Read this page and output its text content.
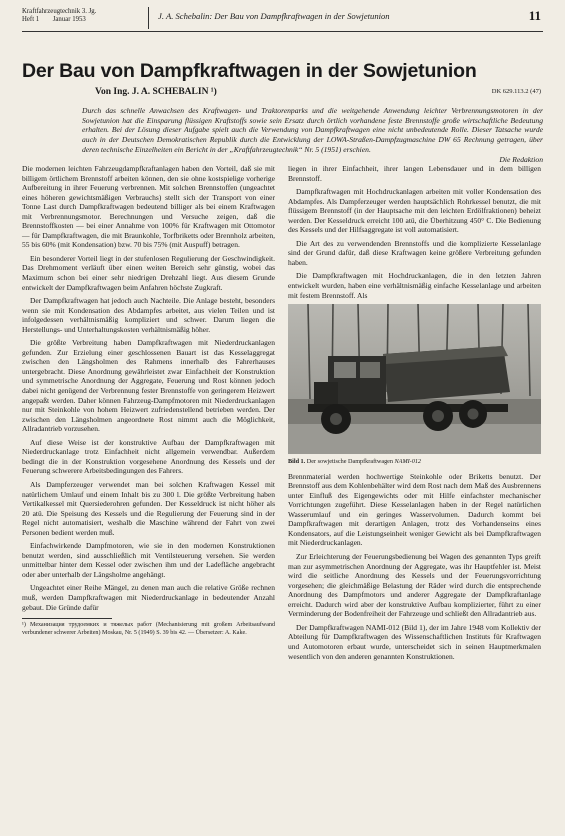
Kraftfahrzeugtechnik 3. Jg.
Heft 1        Januar 1953	J. A. Schebalin: Der Bau von Dampfkraftwagen in der Sowjetunion	11
Der Bau von Dampfkraftwagen in der Sowjetunion
Von Ing. J. A. SCHEBALIN ¹)	DK 629.113.2 (47)
Durch das schnelle Anwachsen des Kraftwagen- und Traktorenparks und die weitgehende Anwendung leichter Verbrennungsmotoren in der Sowjetunion hat die Einsparung flüssigen Kraftstoffs sowie sein Ersatz durch örtlich vorhandene feste Brennstoffe große wirtschaftliche Bedeutung erhalten. Bei der Lösung dieser Aufgabe spielt auch die Verwendung von Dampfkraftwagen eine nicht unbedeutende Rolle. Dieser Tatsache wurde auch in der Deutschen Demokratischen Republik durch die Entwicklung der LOWA-Straßen-Dampfzugmaschine DW 65 Rechnung getragen, über deren technische Einzelheiten ein Bericht in der „Kraftfahrzeugtechnik“ Nr. 5 (1951) erschien.
Die Redaktion

Die modernen leichten Fahrzeugdampfkraftanlagen haben den Vorteil, daß sie mit billigem örtlichem Brennstoff arbeiten können, den sie ohne kostspielige vorherige Aufbereitung in ihrer Feuerung verbrennen. Mit solchen Brennstoffen (ungeachtet eines höheren gewichtsmäßigen Verbrauchs) stellt sich der Transport von einer Tonne Last durch Dampfkraftwagen bedeutend billiger als bei einem Kraftwagen mit Verbrennungsmotor. Berechnungen und Versuche zeigen, daß die Brennstoffkosten — bei einer Annahme von 100% für Kraftwagen mit Ottomotor — für Dampfkraftwagen, die mit Braunkohle, Torfbriketts oder Brennholz arbeiten, 55 bis 60% (mit Kondensation) bzw. 70 bis 75% (mit Auspuff) betragen.

Ein besonderer Vorteil liegt in der stufenlosen Regulierung der Geschwindigkeit. Das Drehmoment verläuft über einen weiten Bereich sehr günstig, wobei das Maximum schon bei einer sehr niedrigen Drehzahl liegt. Aus diesem Grunde entwickelt der Dampfkraftwagen beim Anfahren höchste Zugkraft.

Der Dampfkraftwagen hat jedoch auch Nachteile. Die Anlage besteht, besonders wenn sie mit Kondensation des Abdampfes arbeitet, aus vielen Teilen und ist infolgedessen verhältnismäßig kompliziert und schwer. Darum liegen die Herstellungs- und Unterhaltungskosten verhältnismäßig höher.

Die größte Verbreitung haben Dampfkraftwagen mit Niederdruckanlagen gefunden. Zur Erzielung einer geschlossenen Bauart ist das Kesselaggregat zwischen den Längsholmen des Rahmens innerhalb des Fahrerhauses untergebracht. Diese Anordnung gewährleistet zwar Einfachheit der Konstruktion und symmetrische Anordnung der Aggregate, Feuerung und Rost können jedoch dabei nicht genügend der Verbrennung fester Brennstoffe von geringerem Heizwert angepaßt werden. Daher können Fahrzeug-Dampfmotoren mit Niederdruckanlagen nur mit Steinkohle von hohem Heizwert zufriedenstellend betrieben werden. Der zwischen den Längsholmen angeordnete Rost nimmt auch die Möglichkeit, Allradantrieb vorzusehen.

Auf diese Weise ist der konstruktive Aufbau der Dampfkraftwagen mit Niederdruckanlage trotz Einfachheit nicht allgemein verwendbar. Außerdem bedingt die in der Konstruktion vorgesehene Anordnung des Kessels und der Feuerung schwerere Arbeitsbedingungen des Fahrers.

Als Dampferzeuger verwendet man bei solchen Kraftwagen Kessel mit natürlichem Umlauf und einem Inhalt bis zu 300 l. Die größte Verbreitung haben Vertikalkessel mit Quersiederohren gefunden. Der Kesseldruck ist nicht höher als 20 atü. Die Speisung des Kessels und die Regulierung der Feuerung sind in der Regel nicht automatisiert, weshalb die Maschine während der Fahrt von zwei Personen bedient werden muß.

Einfachwirkende Dampfmotoren, wie sie in den modernen Konstruktionen benutzt werden, sind ausschließlich mit Ventilsteuerung versehen. Sie werden unmittelbar hinter dem Kessel oder zwischen ihm und der Ladefläche angebracht oder aber unterhalb der Längsholme angehängt.

Ungeachtet einer Reihe Mängel, zu denen man auch die relative Größe rechnen muß, werden Dampfkraftwagen mit Niederdruckanlage in bedeutender Anzahl gebaut. Die Gründe dafür

¹) Механизация трудоемких и тяжелых работ (Mechanisierung mit großem Arbeitsaufwand verbundener schwerer Arbeiten) Moskau, Nr. 5 (1949) S. 39 bis 42. — Übersetzer: A. Kake.

liegen in ihrer Einfachheit, ihrer langen Lebensdauer und in dem billigen Brennstoff.

Dampfkraftwagen mit Hochdruckanlagen arbeiten mit voller Kondensation des Abdampfes. Als Dampferzeuger werden hauptsächlich Rohrkessel benutzt, die mit flüssigem Brennstoff (in der Hauptsache mit den leichten Erdölfraktionen) beheizt werden. Der Kesseldruck erreicht 100 atü, die Überhitzung 450° C. Die Bedienung des Kessels und der Hilfsaggregate ist voll automatisiert.

Die Art des zu verwendenden Brennstoffs und die komplizierte Kesselanlage sind der Grund dafür, daß diese Kraftwagen keine größere Verbreitung gefunden haben.

Die Dampfkraftwagen mit Hochdruckanlagen, die in den letzten Jahren entwickelt wurden, haben eine verhältnismäßig einfache Kesselanlage und arbeiten mit festem Brennstoff. Als

Bild 1. Der sowjetische Dampfkraftwagen NAMI-012

Brennmaterial werden hochwertige Steinkohle oder Briketts benutzt. Der Brennstoff aus dem Kohlenbehälter wird dem Rost nach dem Maß des Ausbrennens unter Einfluß des Eigengewichts oder mit Hilfe einfachster mechanischer Vorrichtungen zugeführt. Diese Kesselanlagen haben in der Regel natürlichen Wasserumlauf und ein geringes Wasservolumen. Dadurch kommt bei Dampfkraftwagen mit derartigen Anlagen, trotz des Vorhandenseins eines Kondensators, auf die Leistungseinheit weniger Gewicht als bei Dampfkraftwagen mit Niederdruckanlagen.

Zur Erleichterung der Feuerungsbedienung bei Wagen des genannten Typs greift man zur asymmetrischen Anordnung der Aggregate, was ihr Hauptfehler ist. Meist wird die seitliche Anordnung des Kessels und der Feuerungsvorrichtung vorgesehen; die gleichmäßige Belastung der Räder wird durch die entsprechende Anordnung des Dampfmotors und anderer Aggregate der Dampfkraftanlage erreicht. Dadurch wird aber der konstruktive Aufbau komplizierter, führt zu einer Verminderung der Bodenfreiheit der Fahrzeuge und schließt den Allradantrieb aus.

Der Dampfkraftwagen NAMI-012 (Bild 1), der im Jahre 1948 vom Kollektiv der Abteilung für Dampfkraftwagen des Wissenschaftlichen Instituts für Kraftwagen und Automotoren erbaut wurde, unterscheidet sich in seinen Hauptmerkmalen wesentlich von den anderen genannten Konstruktionen.
